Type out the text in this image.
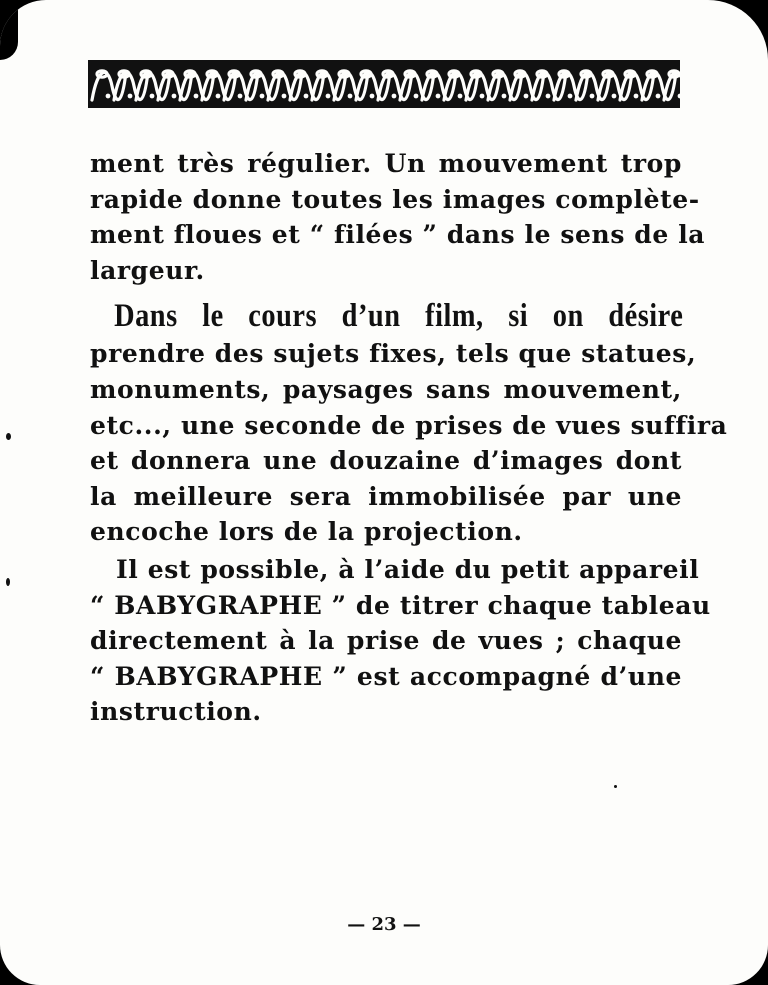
ment très régulier. Un mouvement trop
rapide donne toutes les images complète-
ment floues et “ filées ” dans le sens de la
largeur.

Dans le cours d’un film, si on désire
prendre des sujets fixes, tels que statues,
monuments, paysages sans mouvement,
etc..., une seconde de prises de vues suffira
et donnera une douzaine d’images dont
la meilleure sera immobilisée par une
encoche lors de la projection.

Il est possible, à l’aide du petit appareil
“ BABYGRAPHE ” de titrer chaque tableau
directement à la prise de vues ; chaque
“ BABYGRAPHE ” est accompagné d’une
instruction.

— 23 —
